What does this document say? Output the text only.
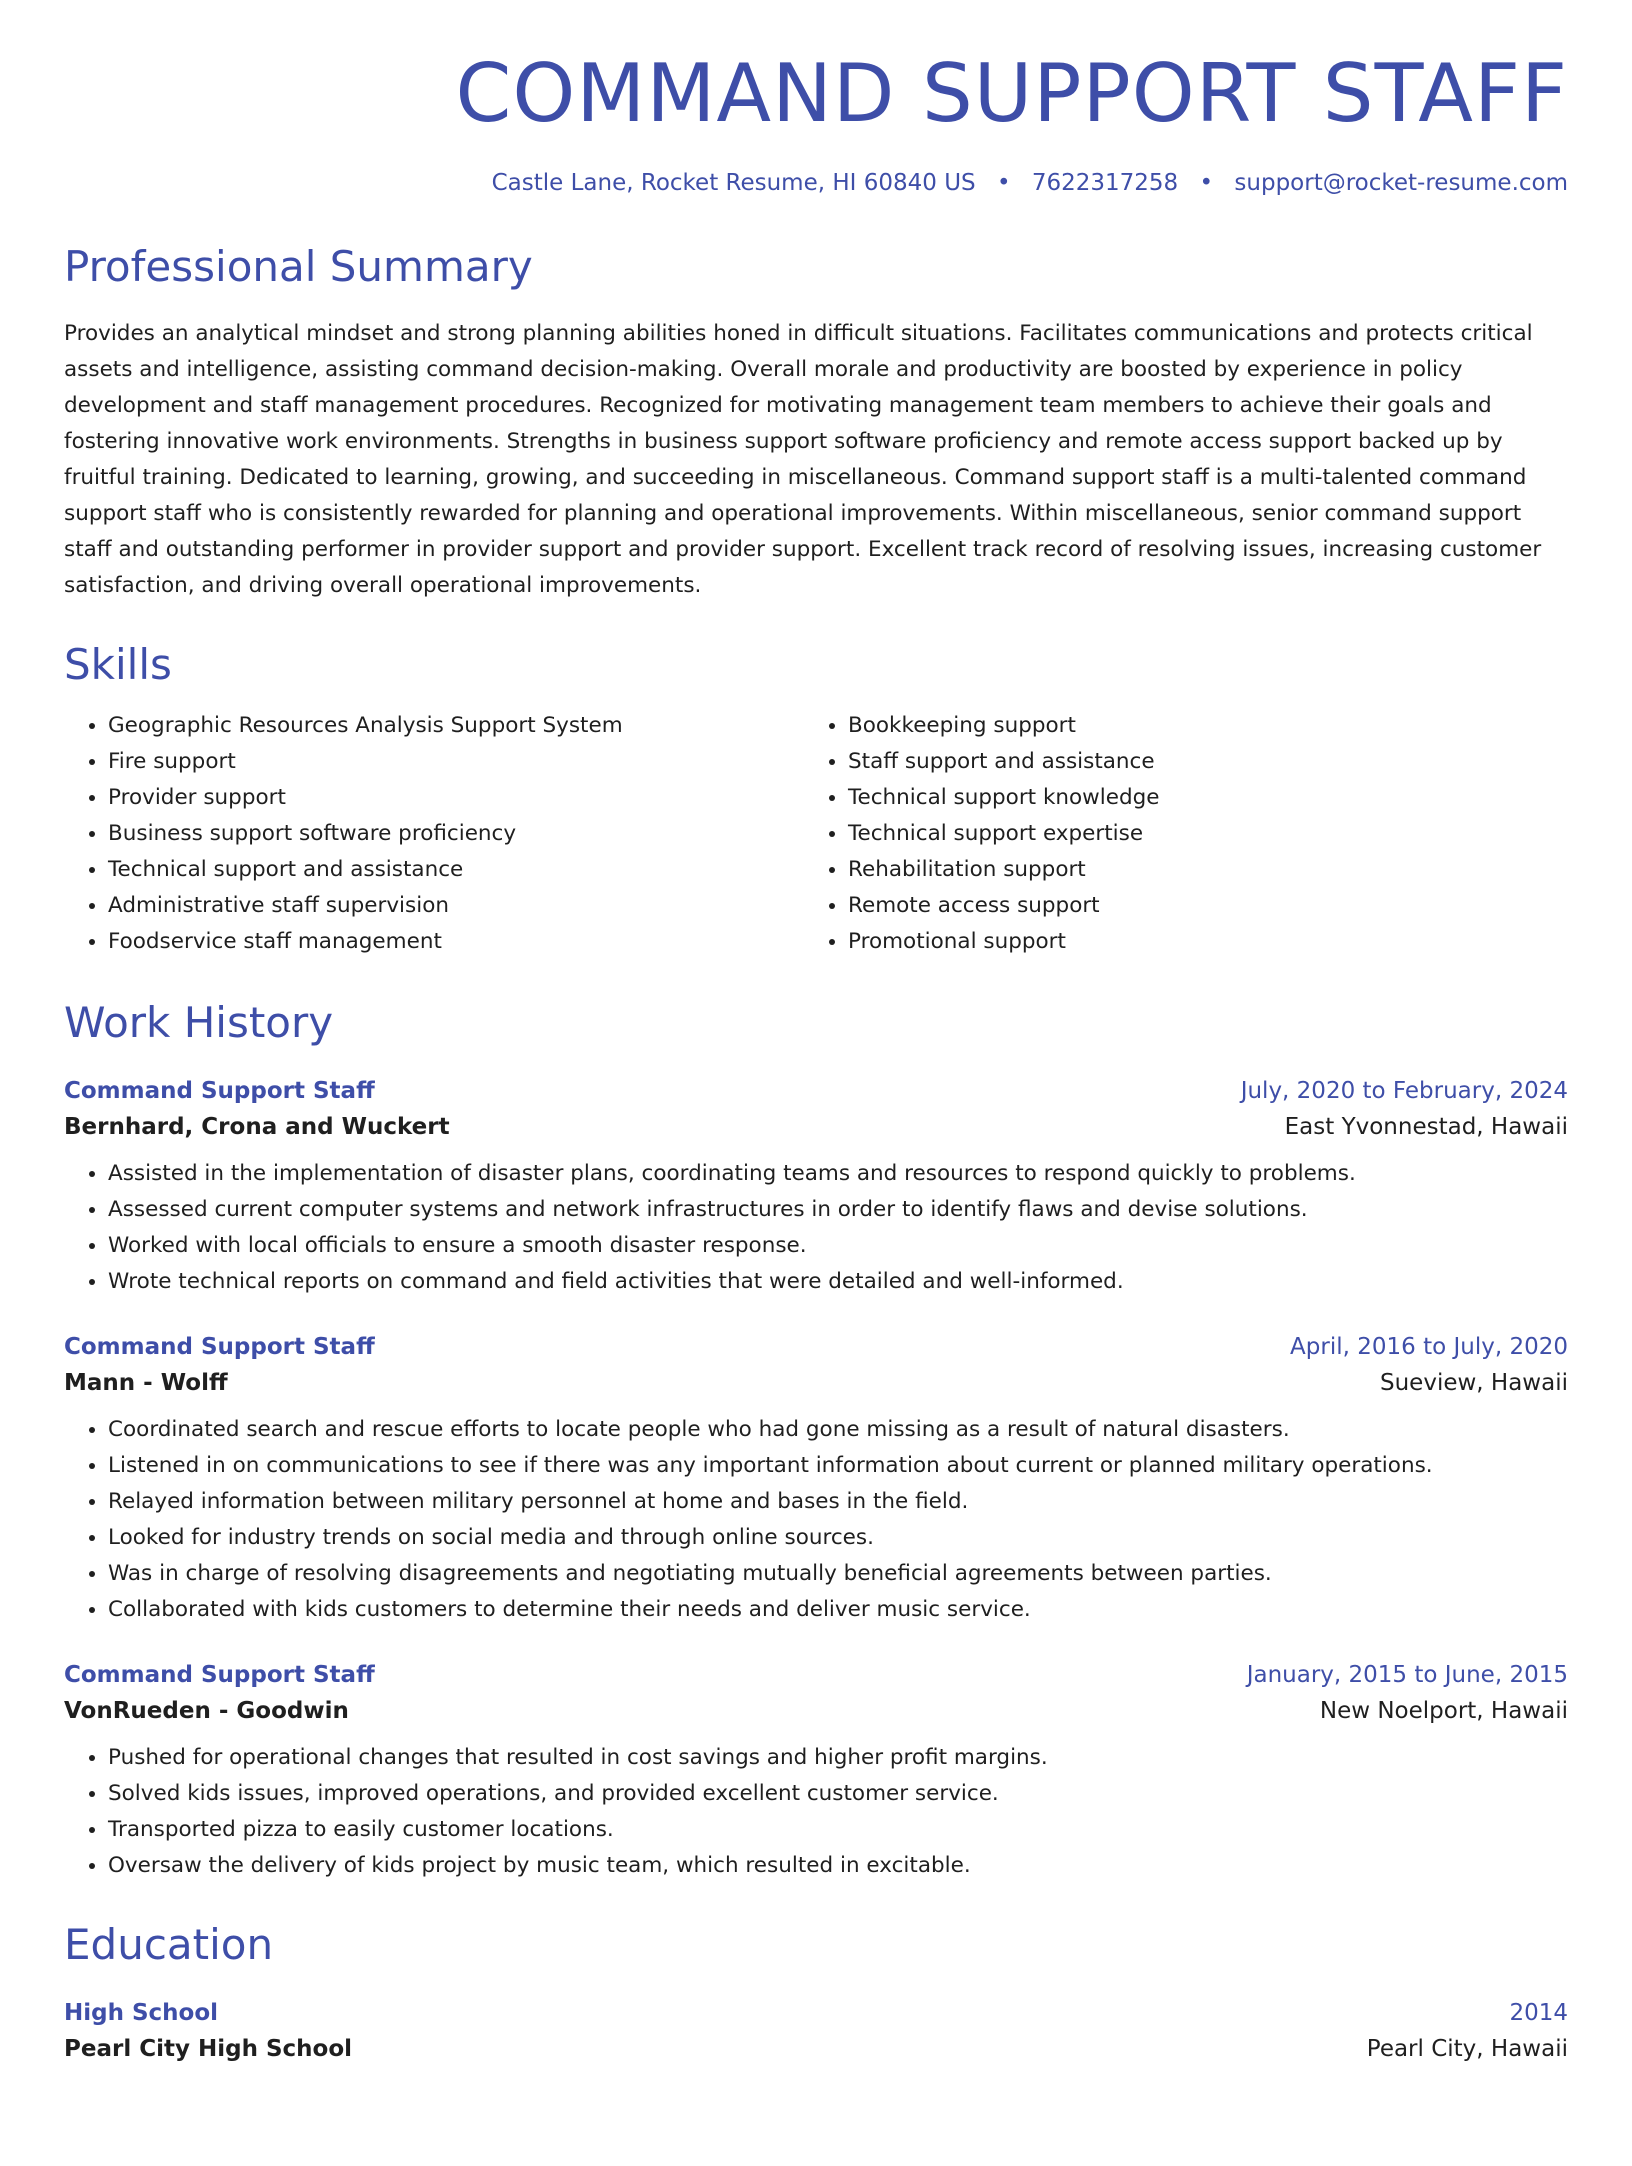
COMMAND SUPPORT STAFF
Castle Lane, Rocket Resume, HI 60840 US • 7622317258 • support@rocket-resume.com
Professional Summary

Provides an analytical mindset and strong planning abilities honed in difficult situations. Facilitates communications and protects critical assets and intelligence, assisting command decision-making. Overall morale and productivity are boosted by experience in policy development and staff management procedures. Recognized for motivating management team members to achieve their goals and fostering innovative work environments. Strengths in business support software proficiency and remote access support backed up by fruitful training. Dedicated to learning, growing, and succeeding in miscellaneous. Command support staff is a multi-talented command support staff who is consistently rewarded for planning and operational improvements. Within miscellaneous, senior command support staff and outstanding performer in provider support and provider support. Excellent track record of resolving issues, increasing customer satisfaction, and driving overall operational improvements.

Skills
• Geographic Resources Analysis Support System
• Fire support
• Provider support
• Business support software proficiency
• Technical support and assistance
• Administrative staff supervision
• Foodservice staff management
• Bookkeeping support
• Staff support and assistance
• Technical support knowledge
• Technical support expertise
• Rehabilitation support
• Remote access support
• Promotional support
Work History
Command Support Staff	July, 2020 to February, 2024
Bernhard, Crona and Wuckert	East Yvonnestad, Hawaii
• Assisted in the implementation of disaster plans, coordinating teams and resources to respond quickly to problems.
• Assessed current computer systems and network infrastructures in order to identify flaws and devise solutions.
• Worked with local officials to ensure a smooth disaster response.
• Wrote technical reports on command and field activities that were detailed and well-informed.
Command Support Staff	April, 2016 to July, 2020
Mann - Wolff	Sueview, Hawaii
• Coordinated search and rescue efforts to locate people who had gone missing as a result of natural disasters.
• Listened in on communications to see if there was any important information about current or planned military operations.
• Relayed information between military personnel at home and bases in the field.
• Looked for industry trends on social media and through online sources.
• Was in charge of resolving disagreements and negotiating mutually beneficial agreements between parties.
• Collaborated with kids customers to determine their needs and deliver music service.
Command Support Staff	January, 2015 to June, 2015
VonRueden - Goodwin	New Noelport, Hawaii
• Pushed for operational changes that resulted in cost savings and higher profit margins.
• Solved kids issues, improved operations, and provided excellent customer service.
• Transported pizza to easily customer locations.
• Oversaw the delivery of kids project by music team, which resulted in excitable.
Education
High School	2014
Pearl City High School	Pearl City, Hawaii
